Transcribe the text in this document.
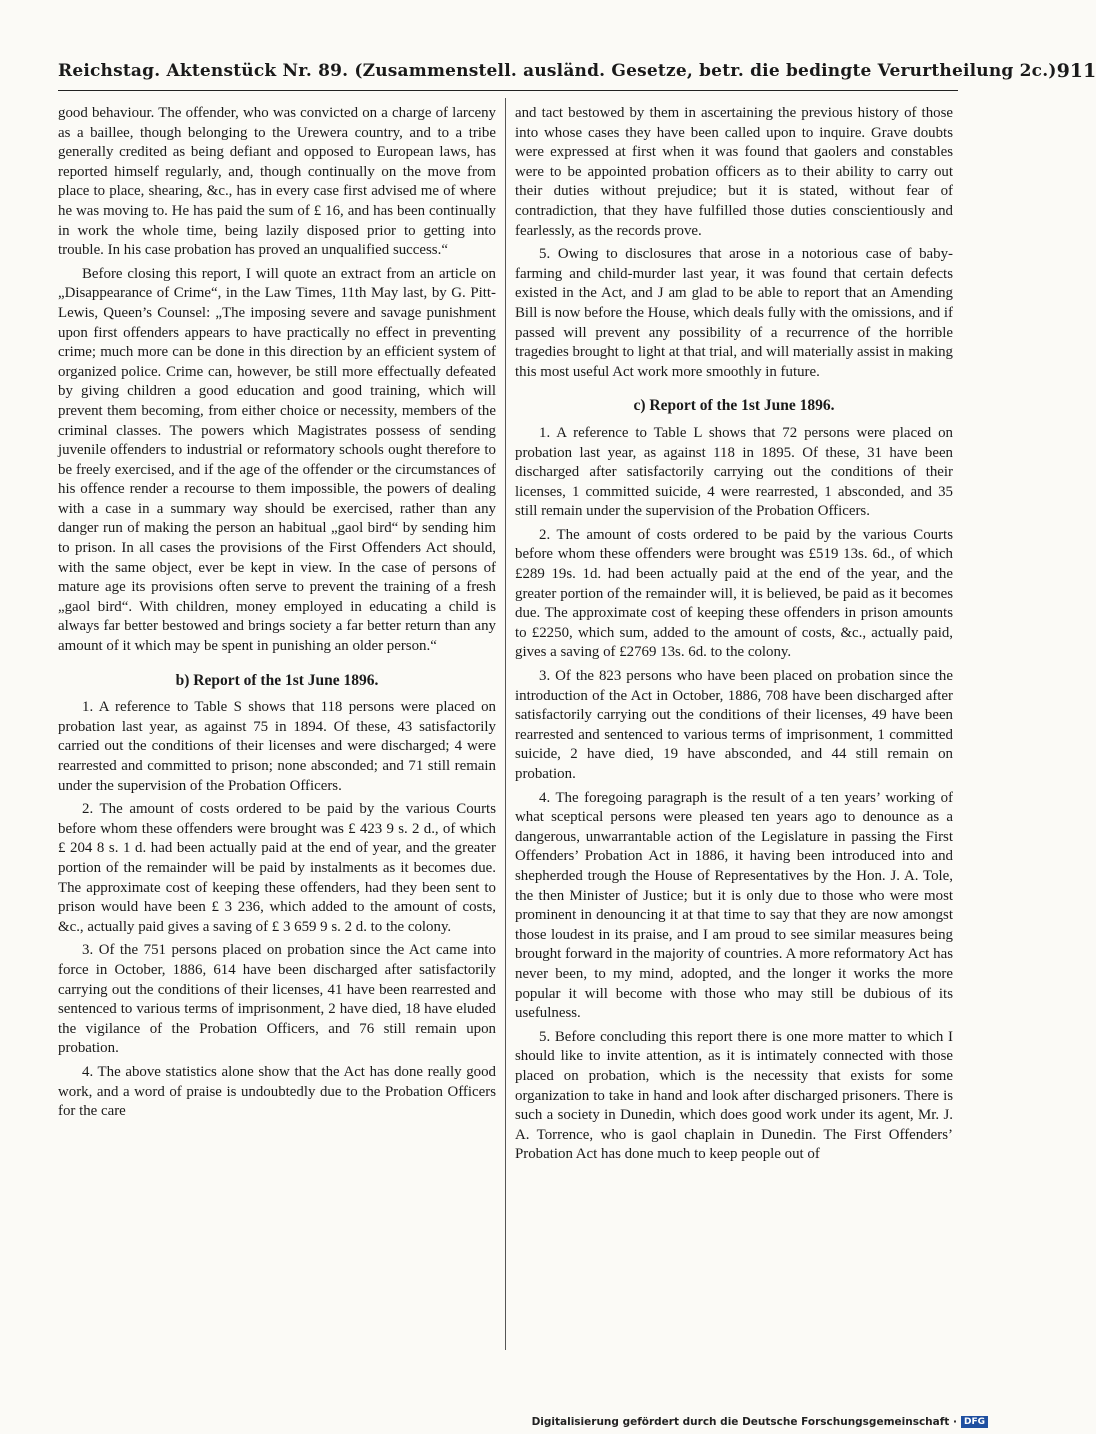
Reichstag. Aktenstück Nr. 89. (Zusammenstell. ausländ. Gesetze, betr. die bedingte Verurtheilung 2c.) 911

good behaviour. The offender, who was convicted on a charge of larceny as a baillee, though belonging to the Urewera country, and to a tribe generally credited as being defiant and opposed to European laws, has reported himself regularly, and, though continually on the move from place to place, shearing, &c., has in every case first advised me of where he was moving to. He has paid the sum of £ 16, and has been continually in work the whole time, being lazily disposed prior to getting into trouble. In his case probation has proved an unqualified success.“

Before closing this report, I will quote an extract from an article on „Disappearance of Crime“, in the Law Times, 11th May last, by G. Pitt-Lewis, Queen’s Counsel: „The imposing severe and savage punishment upon first offenders appears to have practically no effect in preventing crime; much more can be done in this direction by an efficient system of organized police. Crime can, however, be still more effectually defeated by giving children a good education and good training, which will prevent them becoming, from either choice or necessity, members of the criminal classes. The powers which Magistrates possess of sending juvenile offenders to industrial or reformatory schools ought therefore to be freely exercised, and if the age of the offender or the circumstances of his offence render a recourse to them impossible, the powers of dealing with a case in a summary way should be exercised, rather than any danger run of making the person an habitual „gaol bird“ by sending him to prison. In all cases the provisions of the First Offenders Act should, with the same object, ever be kept in view. In the case of persons of mature age its provisions often serve to prevent the training of a fresh „gaol bird“. With children, money employed in educating a child is always far better bestowed and brings society a far better return than any amount of it which may be spent in punishing an older person.“

b) Report of the 1st June 1896.

1. A reference to Table S shows that 118 persons were placed on probation last year, as against 75 in 1894. Of these, 43 satisfactorily carried out the conditions of their licenses and were discharged; 4 were rearrested and committed to prison; none absconded; and 71 still remain under the supervision of the Probation Officers.

2. The amount of costs ordered to be paid by the various Courts before whom these offenders were brought was £ 423 9 s. 2 d., of which £ 204 8 s. 1 d. had been actually paid at the end of year, and the greater portion of the remainder will be paid by instalments as it becomes due. The approximate cost of keeping these offenders, had they been sent to prison would have been £ 3 236, which added to the amount of costs, &c., actually paid gives a saving of £ 3 659 9 s. 2 d. to the colony.

3. Of the 751 persons placed on probation since the Act came into force in October, 1886, 614 have been discharged after satisfactorily carrying out the conditions of their licenses, 41 have been rearrested and sentenced to various terms of imprisonment, 2 have died, 18 have eluded the vigilance of the Probation Officers, and 76 still remain upon probation.

4. The above statistics alone show that the Act has done really good work, and a word of praise is undoubtedly due to the Probation Officers for the care

and tact bestowed by them in ascertaining the previous history of those into whose cases they have been called upon to inquire. Grave doubts were expressed at first when it was found that gaolers and constables were to be appointed probation officers as to their ability to carry out their duties without prejudice; but it is stated, without fear of contradiction, that they have fulfilled those duties conscientiously and fearlessly, as the records prove.

5. Owing to disclosures that arose in a notorious case of baby-farming and child-murder last year, it was found that certain defects existed in the Act, and J am glad to be able to report that an Amending Bill is now before the House, which deals fully with the omissions, and if passed will prevent any possibility of a recurrence of the horrible tragedies brought to light at that trial, and will materially assist in making this most useful Act work more smoothly in future.

c) Report of the 1st June 1896.

1. A reference to Table L shows that 72 persons were placed on probation last year, as against 118 in 1895. Of these, 31 have been discharged after satisfactorily carrying out the conditions of their licenses, 1 committed suicide, 4 were rearrested, 1 absconded, and 35 still remain under the supervision of the Probation Officers.

2. The amount of costs ordered to be paid by the various Courts before whom these offenders were brought was £519 13s. 6d., of which £289 19s. 1d. had been actually paid at the end of the year, and the greater portion of the remainder will, it is believed, be paid as it becomes due. The approximate cost of keeping these offenders in prison amounts to £2250, which sum, added to the amount of costs, &c., actually paid, gives a saving of £2769 13s. 6d. to the colony.

3. Of the 823 persons who have been placed on probation since the introduction of the Act in October, 1886, 708 have been discharged after satisfactorily carrying out the conditions of their licenses, 49 have been rearrested and sentenced to various terms of imprisonment, 1 committed suicide, 2 have died, 19 have absconded, and 44 still remain on probation.

4. The foregoing paragraph is the result of a ten years’ working of what sceptical persons were pleased ten years ago to denounce as a dangerous, unwarrantable action of the Legislature in passing the First Offenders’ Probation Act in 1886, it having been introduced into and shepherded trough the House of Representatives by the Hon. J. A. Tole, the then Minister of Justice; but it is only due to those who were most prominent in denouncing it at that time to say that they are now amongst those loudest in its praise, and I am proud to see similar measures being brought forward in the majority of countries. A more reformatory Act has never been, to my mind, adopted, and the longer it works the more popular it will become with those who may still be dubious of its usefulness.

5. Before concluding this report there is one more matter to which I should like to invite attention, as it is intimately connected with those placed on probation, which is the necessity that exists for some organization to take in hand and look after discharged prisoners. There is such a society in Dunedin, which does good work under its agent, Mr. J. A. Torrence, who is gaol chaplain in Dunedin. The First Offenders’ Probation Act has done much to keep people out of

Digitalisierung gefördert durch die Deutsche Forschungsgemeinschaft · DFG
